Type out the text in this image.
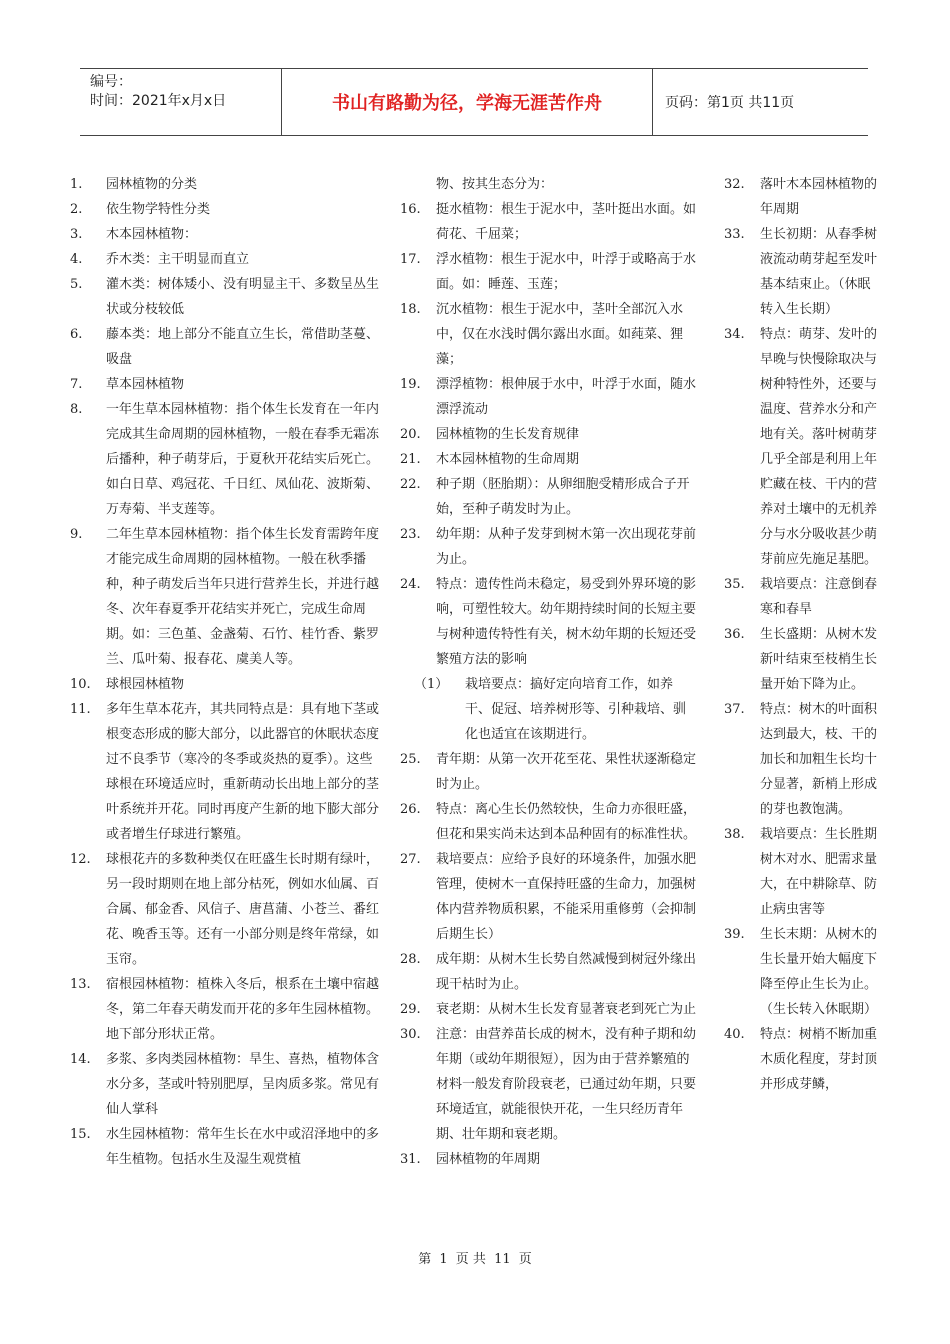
编号：
时间：2021年x月x日	书山有路勤为径，学海无涯苦作舟	页码：第1页 共11页
1. 园林植物的分类
2. 依生物学特性分类
3. 木本园林植物：
4. 乔木类：主干明显而直立
5. 灌木类：树体矮小、没有明显主干、多数呈丛生状或分枝较低
6. 藤本类：地上部分不能直立生长，常借助茎蔓、吸盘
7. 草本园林植物
8. 一年生草本园林植物：指个体生长发育在一年内完成其生命周期的园林植物，一般在春季无霜冻后播种，种子萌芽后，于夏秋开花结实后死亡。如白日草、鸡冠花、千日红、凤仙花、波斯菊、万寿菊、半支莲等。
9. 二年生草本园林植物：指个体生长发育需跨年度才能完成生命周期的园林植物。一般在秋季播种，种子萌发后当年只进行营养生长，并进行越冬、次年春夏季开花结实并死亡，完成生命周期。如：三色堇、金盏菊、石竹、桂竹香、紫罗兰、瓜叶菊、报春花、虞美人等。
10. 球根园林植物
11. 多年生草本花卉，其共同特点是：具有地下茎或根变态形成的膨大部分，以此器官的休眠状态度过不良季节（寒冷的冬季或炎热的夏季）。这些球根在环境适应时，重新萌动长出地上部分的茎叶系统并开花。同时再度产生新的地下膨大部分或者增生仔球进行繁殖。
12. 球根花卉的多数种类仅在旺盛生长时期有绿叶，另一段时期则在地上部分枯死，例如水仙属、百合属、郁金香、风信子、唐菖蒲、小苍兰、番红花、晚香玉等。还有一小部分则是终年常绿，如玉帘。
13. 宿根园林植物：植株入冬后，根系在土壤中宿越冬，第二年春天萌发而开花的多年生园林植物。地下部分形状正常。
14. 多浆、多肉类园林植物：旱生、喜热，植物体含水分多，茎或叶特别肥厚，呈肉质多浆。常见有仙人掌科
15. 水生园林植物：常年生长在水中或沼泽地中的多年生植物。包括水生及湿生观赏植
物、按其生态分为：
16. 挺水植物：根生于泥水中，茎叶挺出水面。如荷花、千屈菜；
17. 浮水植物：根生于泥水中，叶浮于或略高于水面。如：睡莲、玉莲；
18. 沉水植物：根生于泥水中，茎叶全部沉入水中，仅在水浅时偶尔露出水面。如莼菜、狸藻；
19. 漂浮植物：根伸展于水中，叶浮于水面，随水漂浮流动
20. 园林植物的生长发育规律
21. 木本园林植物的生命周期
22. 种子期（胚胎期）：从卵细胞受精形成合子开始，至种子萌发时为止。
23. 幼年期：从种子发芽到树木第一次出现花芽前为止。
24. 特点：遗传性尚未稳定，易受到外界环境的影响，可塑性较大。幼年期持续时间的长短主要与树种遗传特性有关，树木幼年期的长短还受繁殖方法的影响
（1） 栽培要点：搞好定向培育工作，如养干、促冠、培养树形等、引种栽培、驯化也适宜在该期进行。
25. 青年期：从第一次开花至花、果性状逐渐稳定时为止。
26. 特点：离心生长仍然较快，生命力亦很旺盛，但花和果实尚未达到本品种固有的标准性状。
27. 栽培要点：应给予良好的环境条件，加强水肥管理，使树木一直保持旺盛的生命力，加强树体内营养物质积累，不能采用重修剪（会抑制后期生长）
28. 成年期：从树木生长势自然减慢到树冠外缘出现干枯时为止。
29. 衰老期：从树木生长发育显著衰老到死亡为止
30. 注意：由营养苗长成的树木，没有种子期和幼年期（或幼年期很短），因为由于营养繁殖的材料一般发育阶段衰老，已通过幼年期，只要环境适宜，就能很快开花，一生只经历青年期、壮年期和衰老期。
31. 园林植物的年周期
32. 落叶木本园林植物的年周期
33. 生长初期：从春季树液流动萌芽起至发叶基本结束止。（休眠转入生长期）
34. 特点：萌芽、发叶的早晚与快慢除取决与树种特性外，还要与温度、营养水分和产地有关。落叶树萌芽几乎全部是利用上年贮藏在枝、干内的营养对土壤中的无机养分与水分吸收甚少萌芽前应先施足基肥。
35. 栽培要点：注意倒春寒和春旱
36. 生长盛期：从树木发新叶结束至枝梢生长量开始下降为止。
37. 特点：树木的叶面积达到最大，枝、干的加长和加粗生长均十分显著，新梢上形成的芽也教饱满。
38. 栽培要点：生长胜期树木对水、肥需求量大，在中耕除草、防止病虫害等
39. 生长末期：从树木的生长量开始大幅度下降至停止生长为止。（生长转入休眠期）
40. 特点：树梢不断加重木质化程度，芽封顶并形成芽鳞，
第 1 页 共 11 页
